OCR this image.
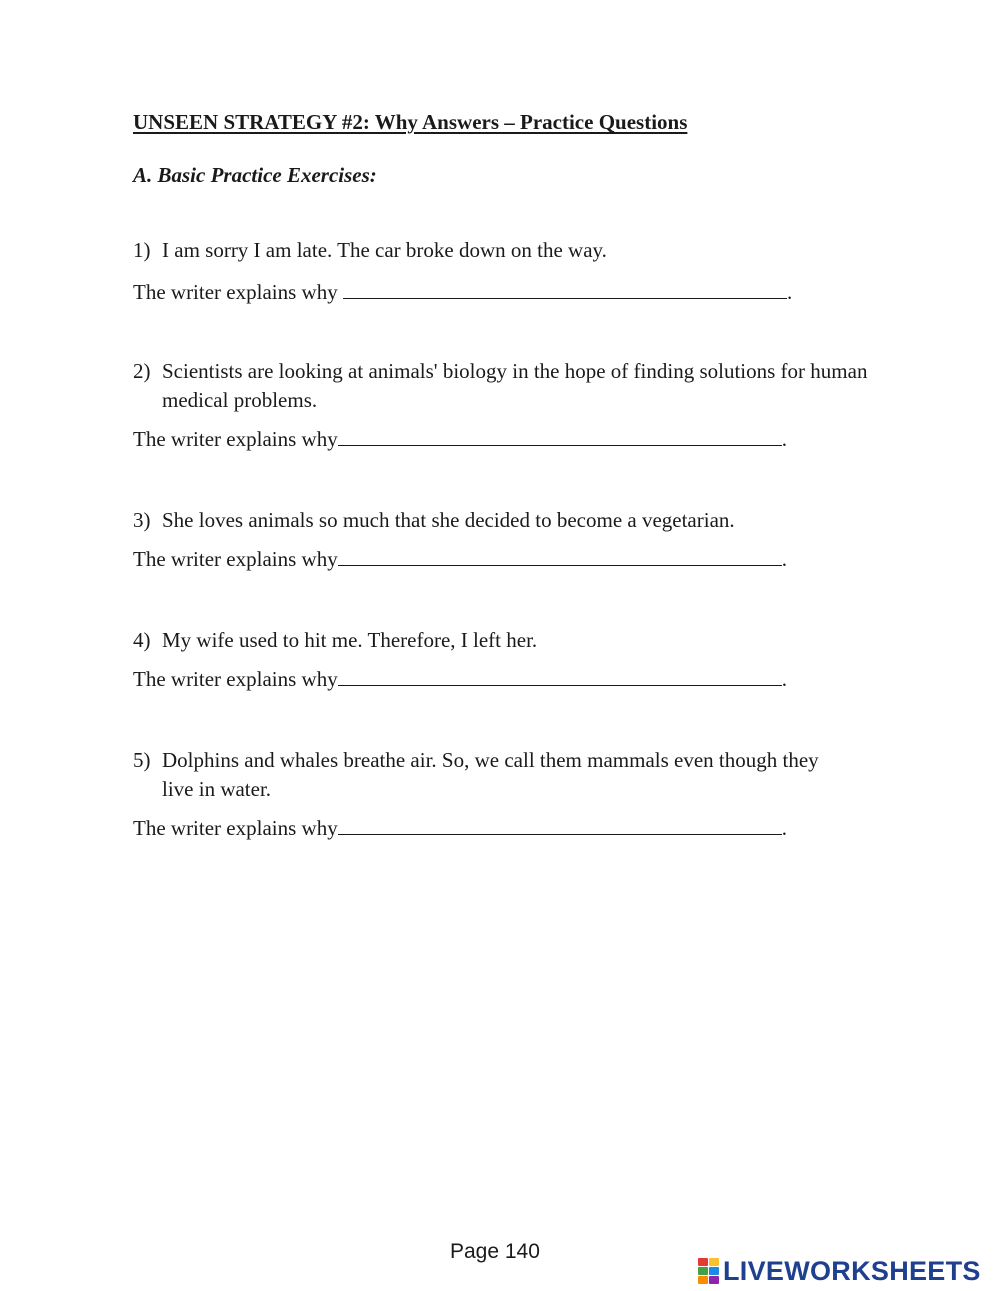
UNSEEN STRATEGY #2: Why Answers – Practice Questions
A. Basic Practice Exercises:
1) I am sorry I am late. The car broke down on the way.
The writer explains why	.
2) Scientists are looking at animals' biology in the hope of finding solutions for human medical problems.
The writer explains why	.
3) She loves animals so much that she decided to become a vegetarian.
The writer explains why	.
4) My wife used to hit me. Therefore, I left her.
The writer explains why	.
5) Dolphins and whales breathe air. So, we call them mammals even though they live in water.
The writer explains why	.
Page 140
LIVEWORKSHEETS
